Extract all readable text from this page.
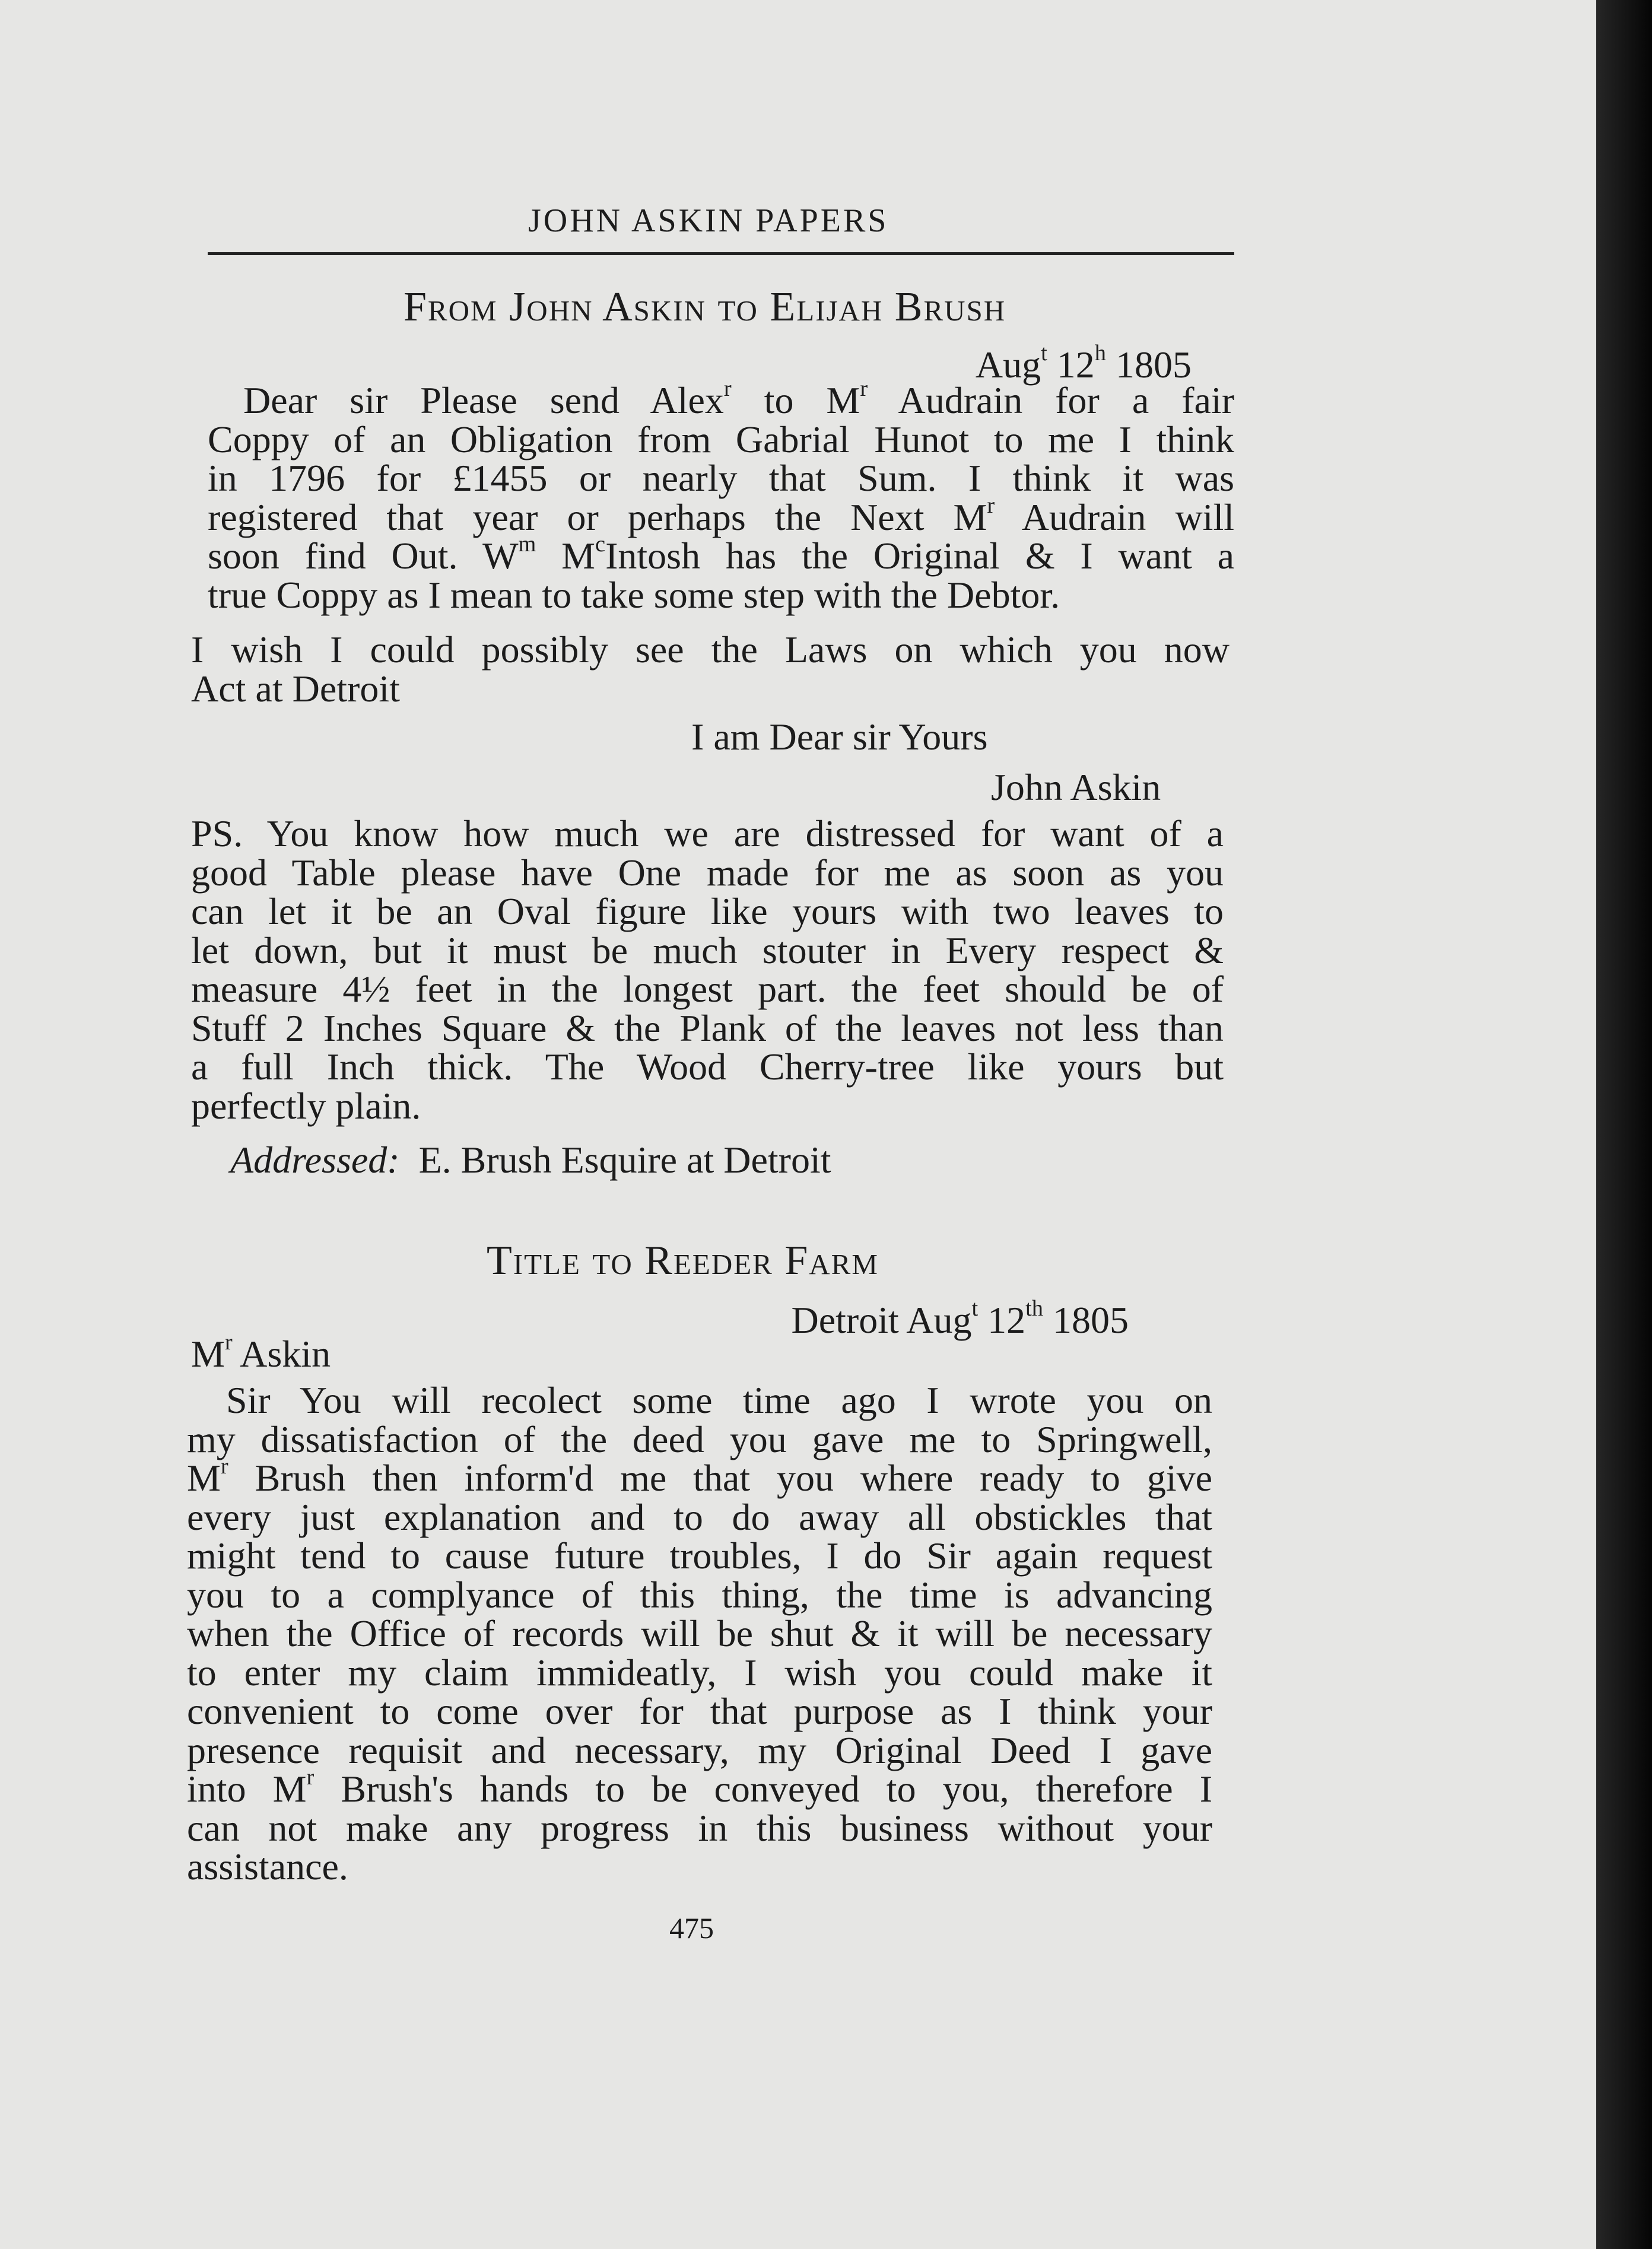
JOHN ASKIN PAPERS
From John Askin to Elijah Brush
Aug$^t$ 12$^h$ 1805
Dear sir Please send Alex$^r$ to $M^r$ Audrain for a fair
Coppy of an Obligation from Gabrial Hunot to me I think
in 1796 for £1455 or nearly that Sum. I think it was
registered that year or perhaps the Next $M^r$ Audrain will
soon find Out. $W^m$ $M^cIntosh$ has the Original & I want a
true Coppy as I mean to take some step with the Debtor.
I wish I could possibly see the Laws on which you now
Act at Detroit
I am Dear sir Yours
John Askin
PS. You know how much we are distressed for want of a
good Table please have One made for me as soon as you
can let it be an Oval figure like yours with two leaves to
let down, but it must be much stouter in Every respect &
measure 4½ feet in the longest part. the feet should be of
Stuff 2 Inches Square & the Plank of the leaves not less than
a full Inch thick. The Wood Cherry-tree like yours but
perfectly plain.
Addressed: E. Brush Esquire at Detroit
Title to Reeder Farm
Detroit Aug$^t$ 12th 1805
$M^r$ Askin
Sir You will recolect some time ago I wrote you on
my dissatisfaction of the deed you gave me to Springwell,
$M^r$ Brush then inform'd me that you where ready to give
every just explanation and to do away all obstickles that
might tend to cause future troubles, I do Sir again request
you to a complyance of this thing, the time is advancing
when the Office of records will be shut & it will be necessary
to enter my claim immideatly, I wish you could make it
convenient to come over for that purpose as I think your
presence requisit and necessary, my Original Deed I gave
into $M^r$ Brush's hands to be conveyed to you, therefore I
can not make any progress in this business without your
assistance.
475
